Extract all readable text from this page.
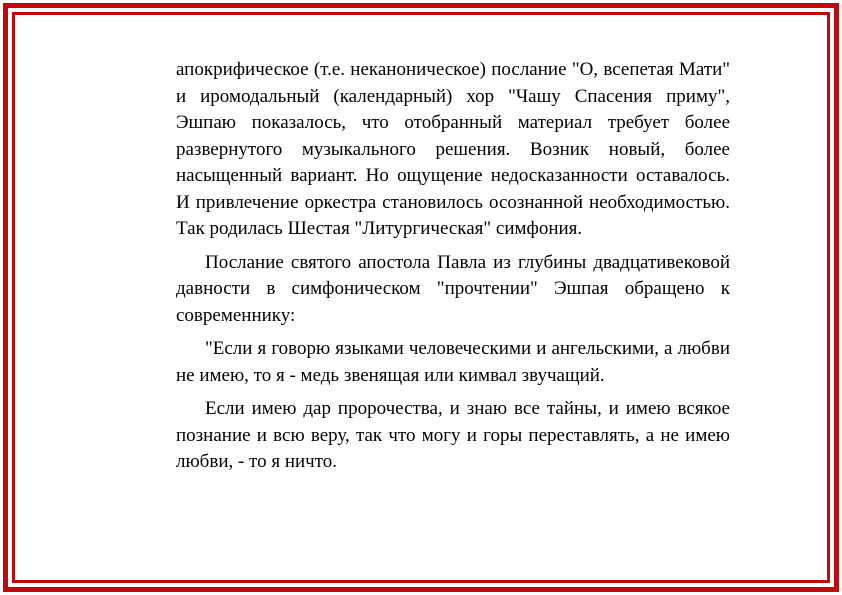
апокрифическое (т.е. неканоническое) послание "О, всепетая Мати" и иромодальный (календарный) хор "Чашу Спасения приму", Эшпаю показалось, что отобранный материал требует более развернутого музыкального решения. Возник новый, более насыщенный вариант. Но ощущение недосказанности оставалось. И привлечение оркестра становилось осознанной необходимостью. Так родилась Шестая "Литургическая" симфония.

Послание святого апостола Павла из глубины двадцативековой давности в симфоническом "прочтении" Эшпая обращено к современнику:

"Если я говорю языками человеческими и ангельскими, а любви не имею, то я - медь звенящая или кимвал звучащий.

Если имею дар пророчества, и знаю все тайны, и имею всякое познание и всю веру, так что могу и горы переставлять, а не имею любви, - то я ничто.
